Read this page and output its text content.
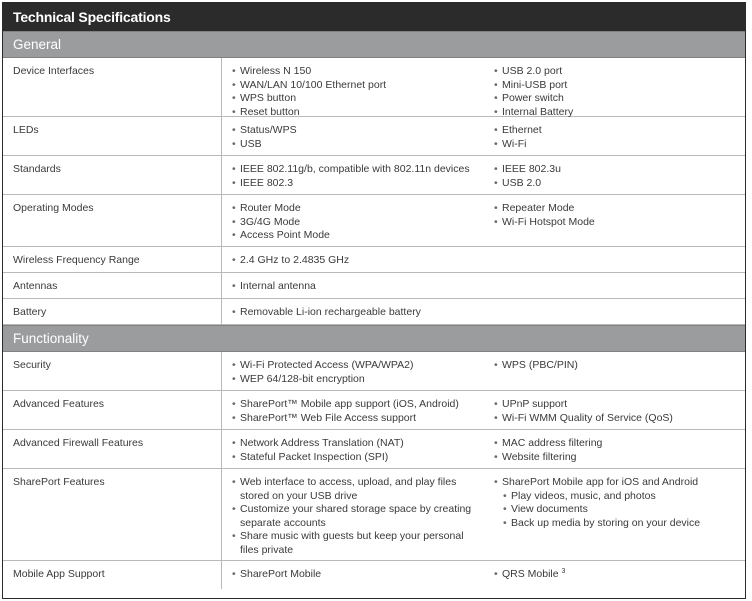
Technical Specifications
General
Device Interfaces	• Wireless N 150
• WAN/LAN 10/100 Ethernet port
• WPS button
• Reset button
• USB 2.0 port
• Mini-USB port
• Power switch
• Internal Battery
LEDs	• Status/WPS
• USB
• Ethernet
• Wi-Fi
Standards	• IEEE 802.11g/b, compatible with 802.11n devices
• IEEE 802.3
• IEEE 802.3u
• USB 2.0
Operating Modes	• Router Mode
• 3G/4G Mode
• Access Point Mode
• Repeater Mode
• Wi-Fi Hotspot Mode
Wireless Frequency Range	• 2.4 GHz to 2.4835 GHz
Antennas	• Internal antenna
Battery	• Removable Li-ion rechargeable battery
Functionality
Security	• Wi-Fi Protected Access (WPA/WPA2)
• WEP 64/128-bit encryption
• WPS (PBC/PIN)
Advanced Features	• SharePort™ Mobile app support (iOS, Android)
• SharePort™ Web File Access support
• UPnP support
• Wi-Fi WMM Quality of Service (QoS)
Advanced Firewall Features	• Network Address Translation (NAT)
• Stateful Packet Inspection (SPI)
• MAC address filtering
• Website filtering
SharePort Features	• Web interface to access, upload, and play files stored on your USB drive
• Customize your shared storage space by creating separate accounts
• Share music with guests but keep your personal files private
• SharePort Mobile app for iOS and Android
• Play videos, music, and photos
• View documents
• Back up media by storing on your device
Mobile App Support	• SharePort Mobile	• QRS Mobile $^3$
